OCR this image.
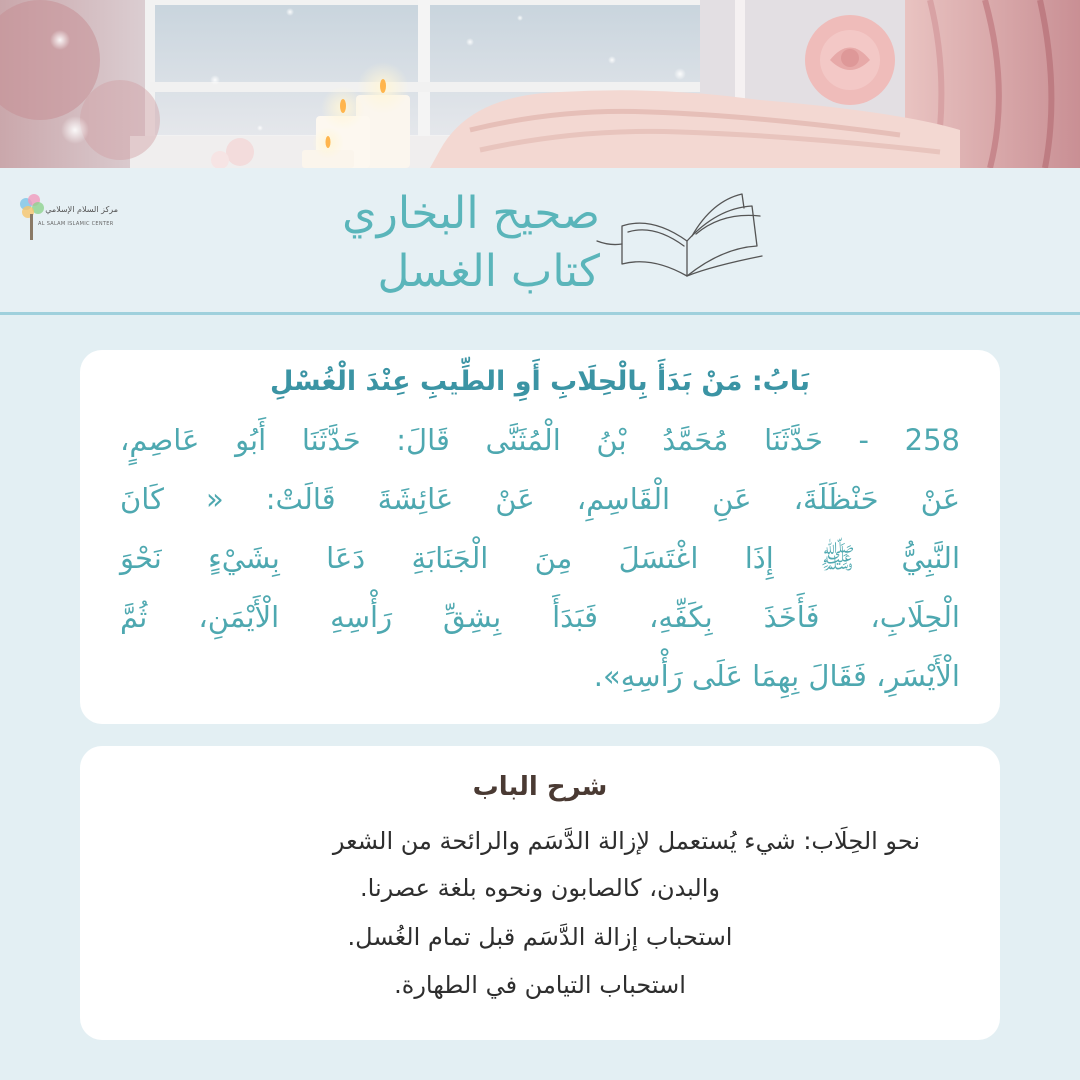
مركز السلام الإسلامي
AL SALAM ISLAMIC CENTER	صحيح البخاري
كتاب الغسل
بَابُ: مَنْ بَدَأَ بِالْحِلَابِ أَوِ الطِّيبِ عِنْدَ الْغُسْلِ
258 - حَدَّثَنَا مُحَمَّدُ بْنُ الْمُثَنَّى قَالَ: حَدَّثَنَا أَبُو عَاصِمٍ،
عَنْ حَنْظَلَةَ، عَنِ الْقَاسِمِ، عَنْ عَائِشَةَ قَالَتْ: « كَانَ
النَّبِيُّ ﷺ إِذَا اغْتَسَلَ مِنَ الْجَنَابَةِ دَعَا بِشَيْءٍ نَحْوَ
الْحِلَابِ، فَأَخَذَ بِكَفِّهِ، فَبَدَأَ بِشِقِّ رَأْسِهِ الْأَيْمَنِ، ثُمَّ
الْأَيْسَرِ، فَقَالَ بِهِمَا عَلَى رَأْسِهِ».
شرح الباب
نحو الحِلَاب: شيء يُستعمل لإزالة الدَّسَم والرائحة من الشعر
والبدن، كالصابون ونحوه بلغة عصرنا.
استحباب إزالة الدَّسَم قبل تمام الغُسل.
استحباب التيامن في الطهارة.
